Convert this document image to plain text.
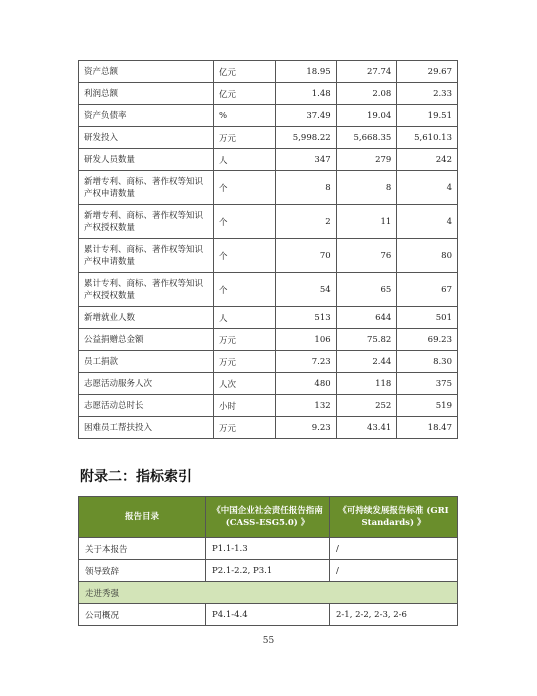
资产总额	亿元	18.95	27.74	29.67
利润总额	亿元	1.48	2.08	2.33
资产负债率	%	37.49	19.04	19.51
研发投入	万元	5,998.22	5,668.35	5,610.13
研发人员数量	人	347	279	242
新增专利、商标、著作权等知识产权申请数量	个	8	8	4
新增专利、商标、著作权等知识产权授权数量	个	2	11	4
累计专利、商标、著作权等知识产权申请数量	个	70	76	80
累计专利、商标、著作权等知识产权授权数量	个	54	65	67
新增就业人数	人	513	644	501
公益捐赠总金额	万元	106	75.82	69.23
员工捐款	万元	7.23	2.44	8.30
志愿活动服务人次	人次	480	118	375
志愿活动总时长	小时	132	252	519
困难员工帮扶投入	万元	9.23	43.41	18.47
附录二：指标索引
报告目录	《中国企业社会责任报告指南 (CASS-ESG5.0) 》	《可持续发展报告标准 (GRI Standards) 》
关于本报告	P1.1-1.3	/
领导致辞	P2.1-2.2, P3.1	/
走进秀强		
公司概况	P4.1-4.4	2-1, 2-2, 2-3, 2-6
55
